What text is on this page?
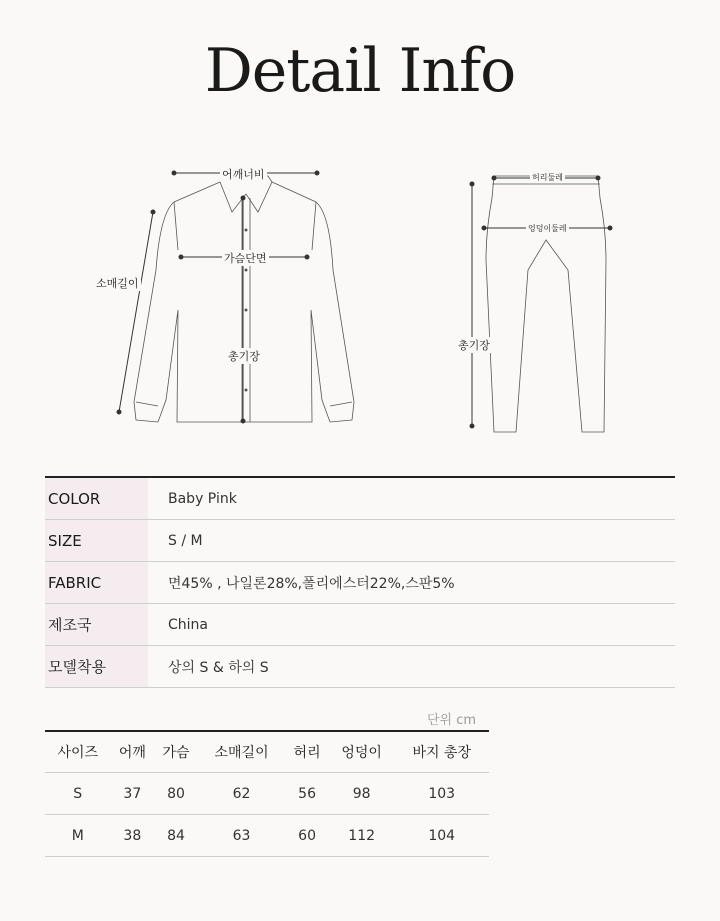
Detail Info
어깨너비
가슴단면
소매길이
총기장
허리둘레
엉덩이둘레
총기장
COLOR	Baby Pink
SIZE	S / M
FABRIC	면45% , 나일론28%,폴리에스터22%,스판5%
제조국	China
모델착용	상의 S & 하의 S
단위 cm
사이즈	어깨	가슴	소매길이	허리	엉덩이	바지 총장
S	37	80	62	56	98	103
M	38	84	63	60	112	104
